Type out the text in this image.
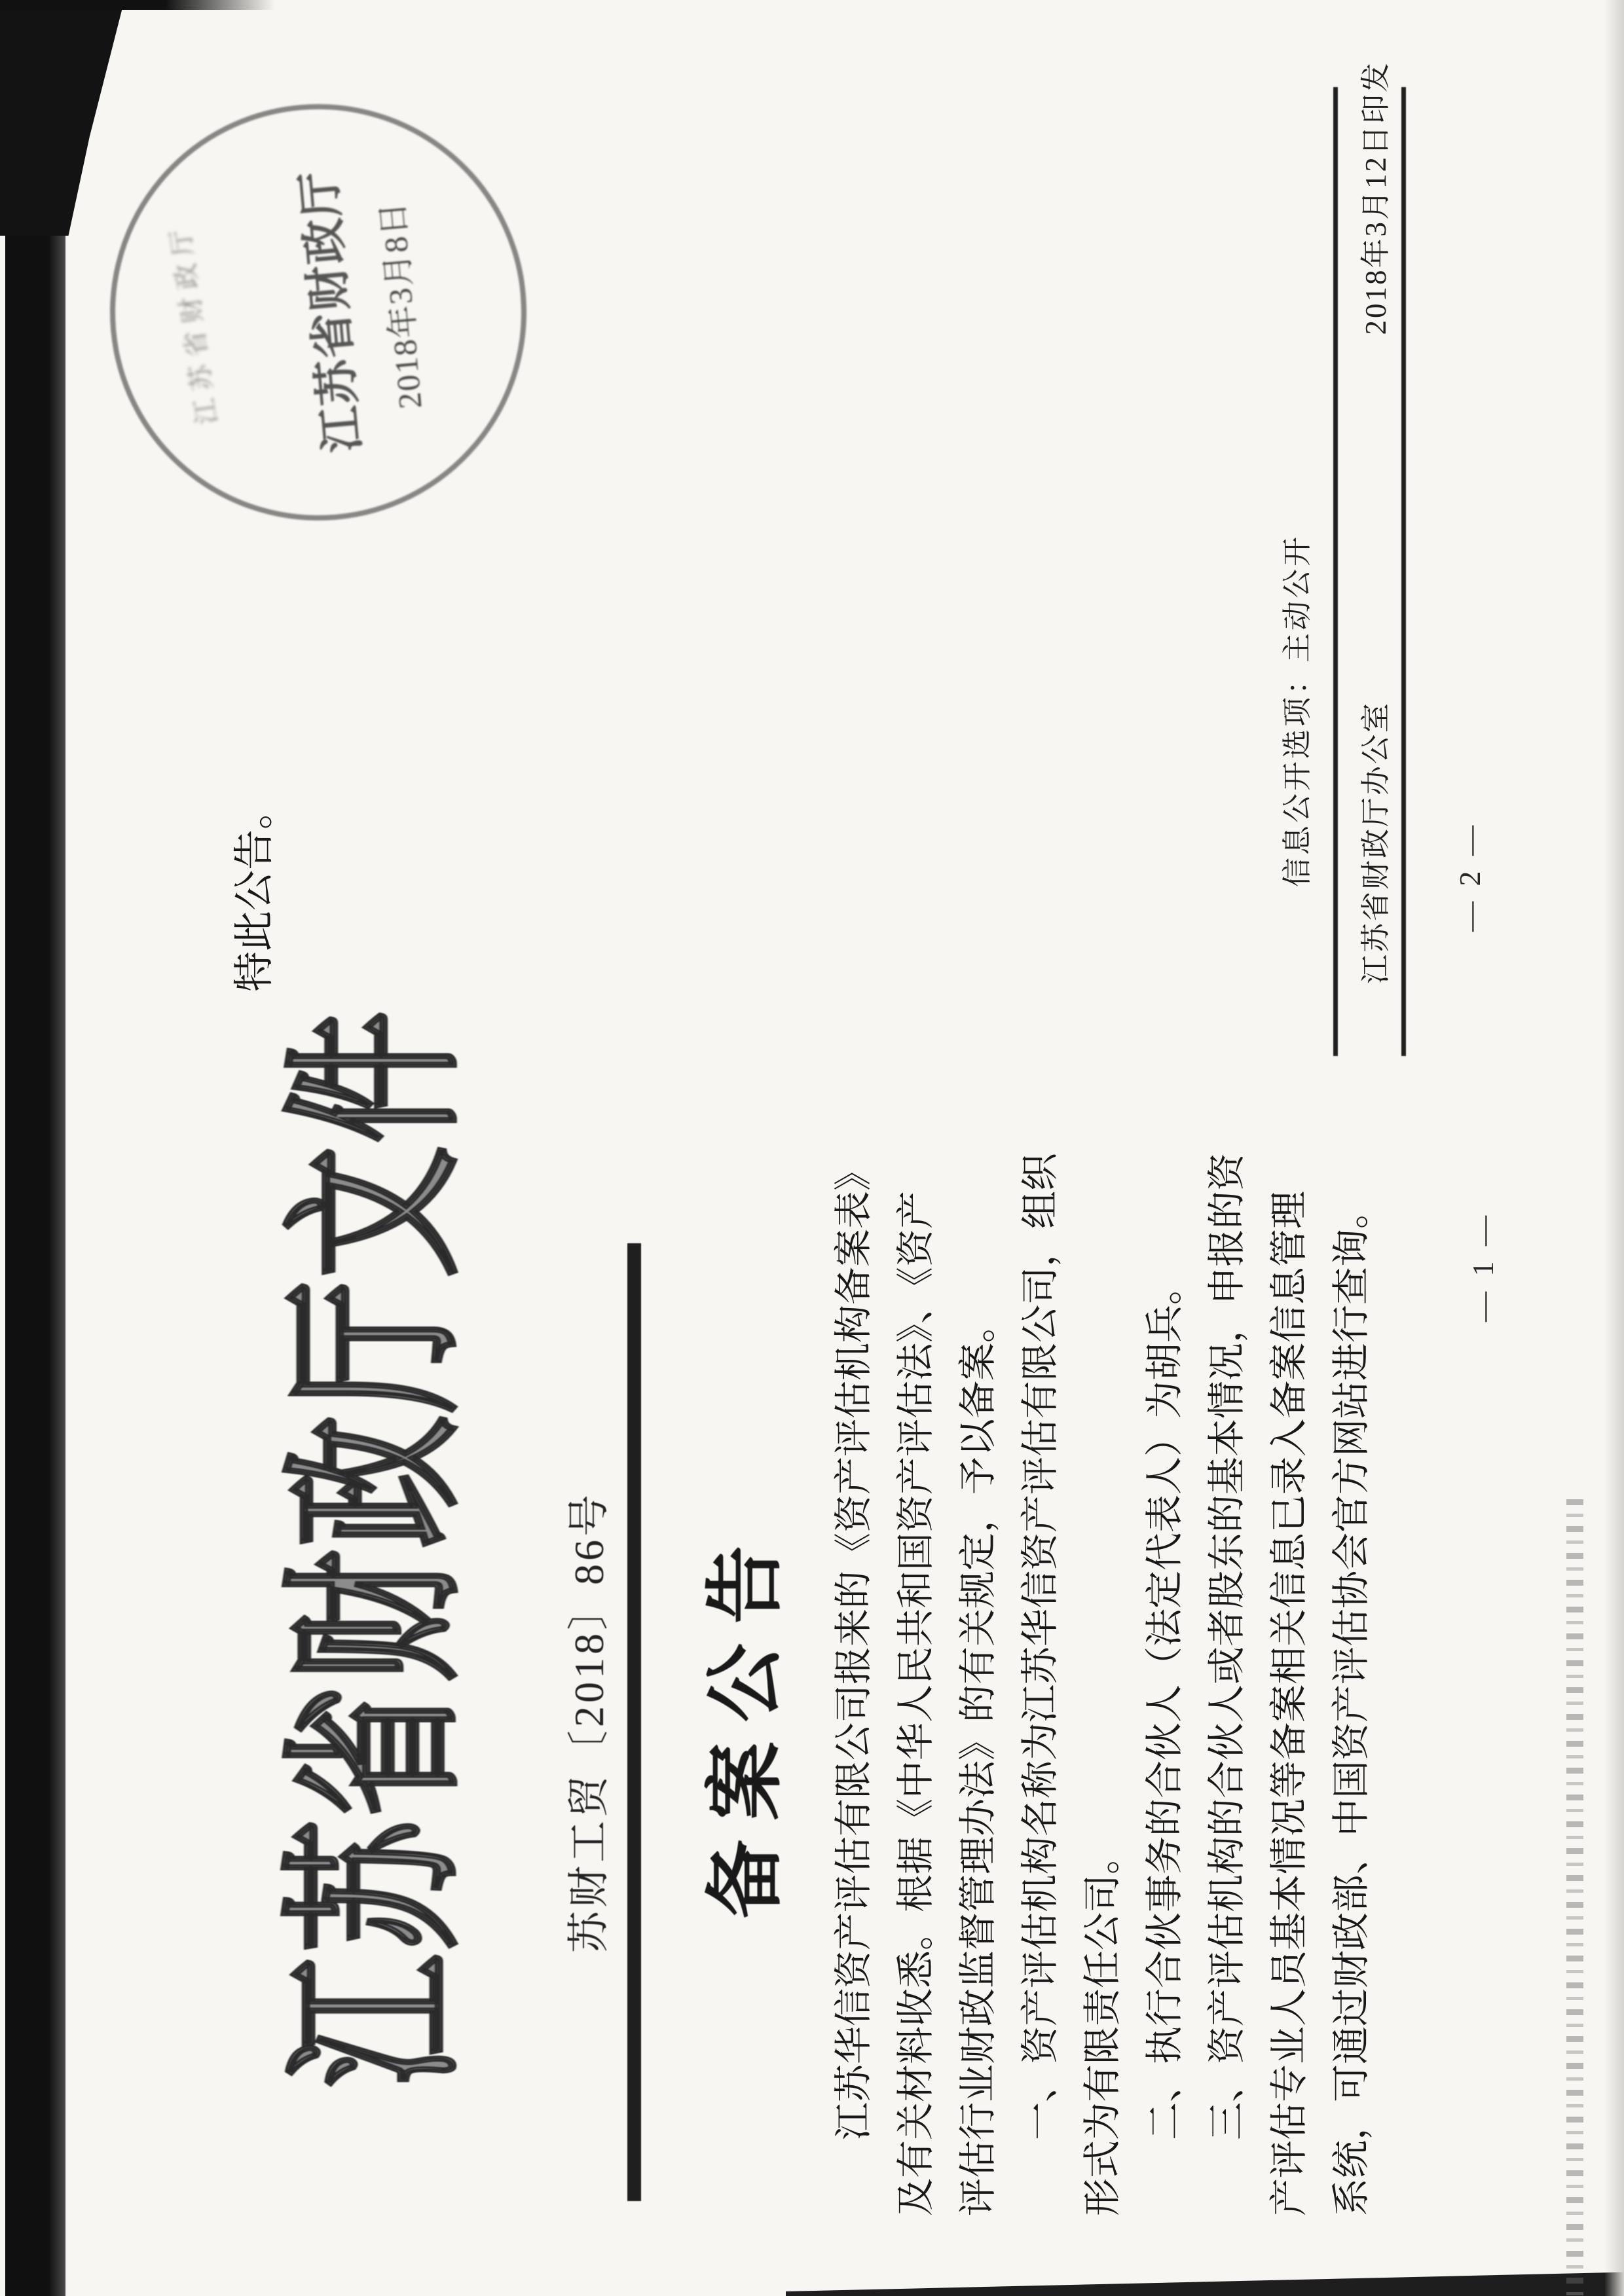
江苏省财政厅文件 苏财工贸〔2018〕86号 备案公告 江苏华信资产评估有限公司报来的《资产评估机构备案表》 及有关材料收悉。根据《中华人民共和国资产评估法》、《资产 评估行业财政监督管理办法》的有关规定，予以备案。 一、资产评估机构名称为江苏华信资产评估有限公司，组织 形式为有限责任公司。 二、执行合伙事务的合伙人（法定代表人）为胡兵。 三、资产评估机构的合伙人或者股东的基本情况，申报的资 产评估专业人员基本情况等备案相关信息已录入备案信息管理 系统，可通过财政部、中国资产评估协会官方网站进行查询。	— 1 —
特此公告。
江苏省财政厅	江苏省财政厅 2018年3月8日
信息公开选项：主动公开 江苏省财政厅办公室
2018年3月12日印发
— 2 —
